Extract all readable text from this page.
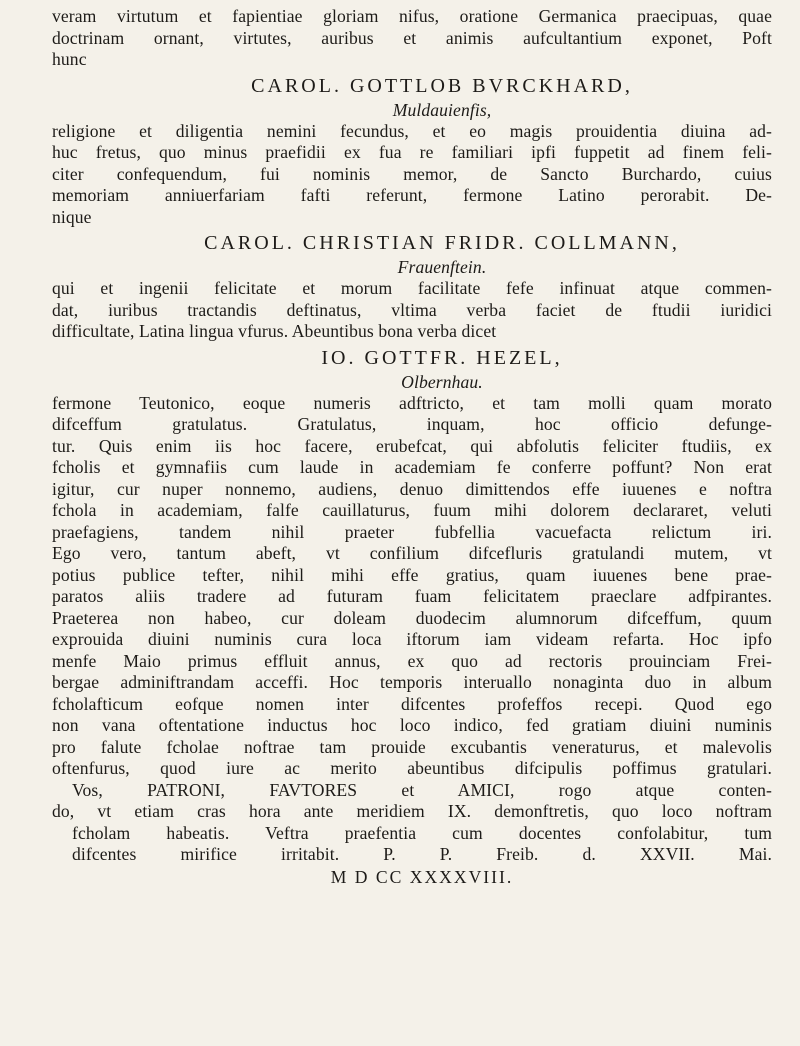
veram virtutum et fapientiae gloriam nifus, oratione Germanica praecipuas, quae
doctrinam ornant, virtutes, auribus et animis aufcultantium exponet, Poft
hunc
CAROL. GOTTLOB BVRCKHARD,
Muldauienfis,
religione et diligentia nemini fecundus, et eo magis prouidentia diuina ad-
huc fretus, quo minus praefidii ex fua re familiari ipfi fuppetit ad finem feli-
citer confequendum, fui nominis memor, de Sancto Burchardo, cuius
memoriam anniuerfariam fafti referunt, fermone Latino perorabit. De-
nique
CAROL. CHRISTIAN FRIDR. COLLMANN,
Frauenftein.
qui et ingenii felicitate et morum facilitate fefe infinuat atque commen-
dat, iuribus tractandis deftinatus, vltima verba faciet de ftudii iuridici
difficultate, Latina lingua vfurus. Abeuntibus bona verba dicet
IO. GOTTFR. HEZEL,
Olbernhau.
fermone Teutonico, eoque numeris adftricto, et tam molli quam morato
difceffum gratulatus. Gratulatus, inquam, hoc officio defunge-
tur. Quis enim iis hoc facere, erubefcat, qui abfolutis feliciter ftudiis, ex
fcholis et gymnafiis cum laude in academiam fe conferre poffunt? Non erat
igitur, cur nuper nonnemo, audiens, denuo dimittendos effe iuuenes e noftra
fchola in academiam, falfe cauillaturus, fuum mihi dolorem declararet, veluti
praefagiens, tandem nihil praeter fubfellia vacuefacta relictum iri.
Ego vero, tantum abeft, vt confilium difcefluris gratulandi mutem, vt
potius publice tefter, nihil mihi effe gratius, quam iuuenes bene prae-
paratos aliis tradere ad futuram fuam felicitatem praeclare adfpirantes.
Praeterea non habeo, cur doleam duodecim alumnorum difceffum, quum
exprouida diuini numinis cura loca iftorum iam videam refarta. Hoc ipfo
menfe Maio primus effluit annus, ex quo ad rectoris prouinciam Frei-
bergae adminiftrandam acceffi. Hoc temporis interuallo nonaginta duo in album
fcholafticum eofque nomen inter difcentes profeffos recepi. Quod ego
non vana oftentatione inductus hoc loco indico, fed gratiam diuini numinis
pro falute fcholae noftrae tam prouide excubantis veneraturus, et malevolis
oftenfurus, quod iure ac merito abeuntibus difcipulis poffimus gratulari.
Vos, PATRONI, FAVTORES et AMICI, rogo atque conten-
do, vt etiam cras hora ante meridiem IX. demonftretis, quo loco noftram
fcholam habeatis. Veftra praefentia cum docentes confolabitur, tum
difcentes mirifice irritabit. P. P. Freib. d. XXVII. Mai.
M D CC XXXXVIII.
